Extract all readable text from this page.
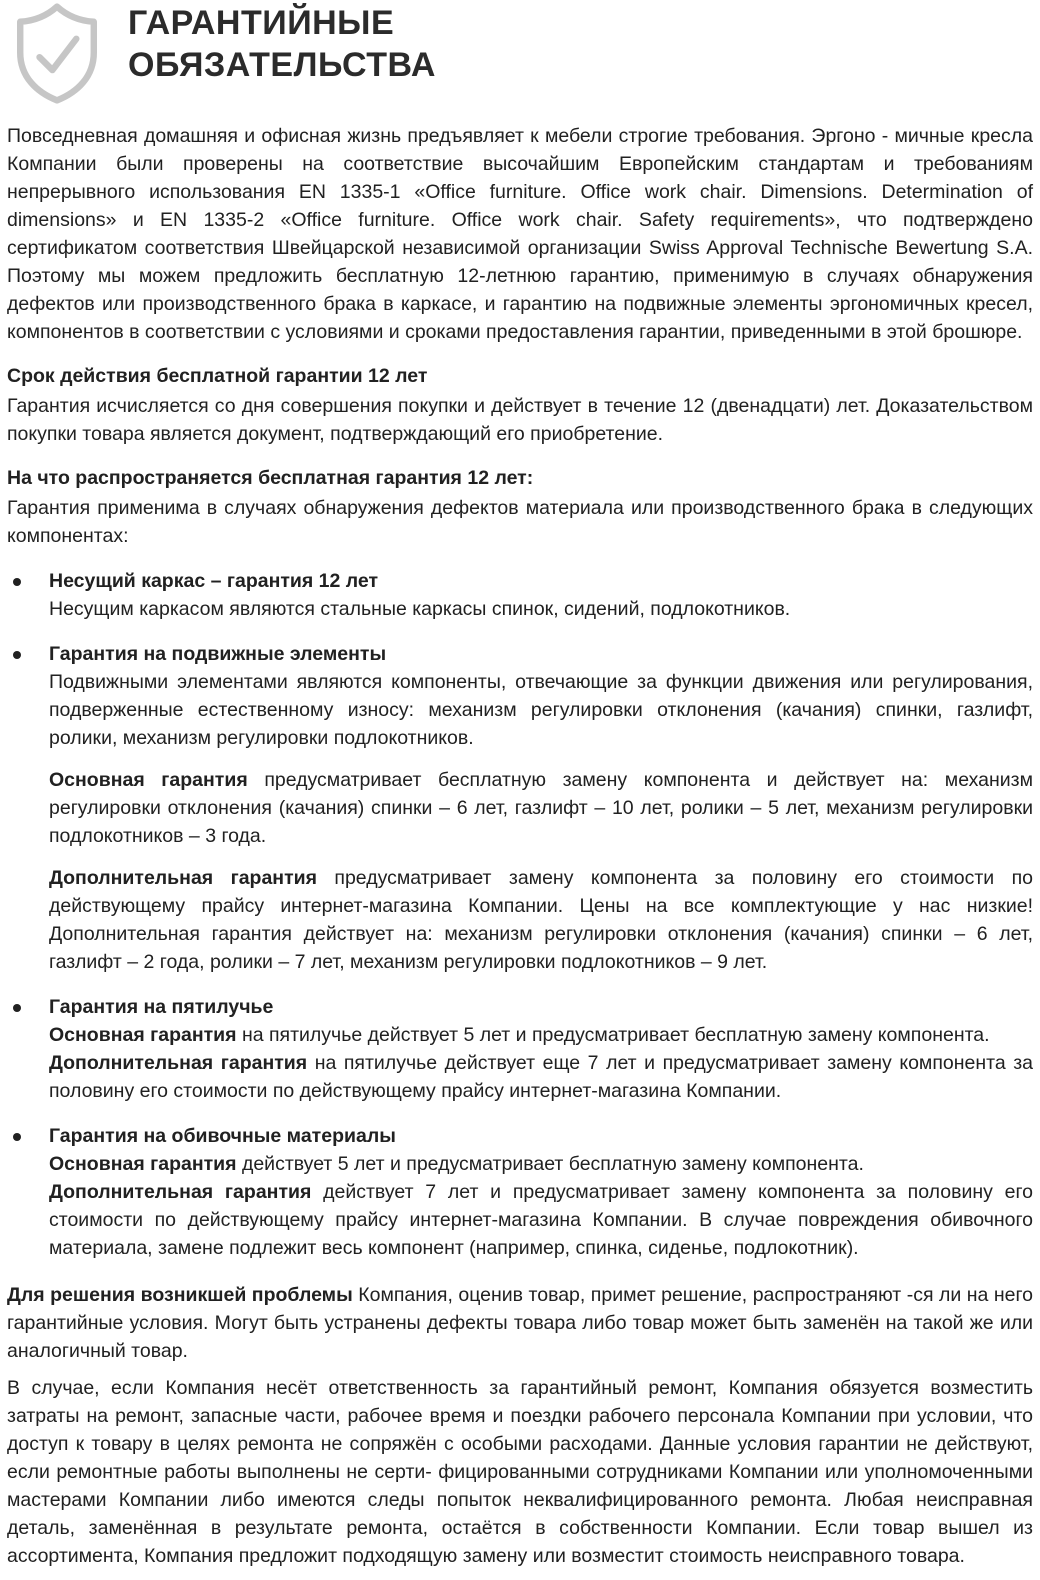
ГАРАНТИЙНЫЕ
ОБЯЗАТЕЛЬСТВА

Повседневная домашняя и офисная жизнь предъявляет к мебели строгие требования. Эргоно - мичные кресла Компании были проверены на соответствие высочайшим Европейским стандартам и требованиям непрерывного использования EN 1335-1 «Office furniture. Office work chair. Dimensions. Determination of dimensions» и EN 1335-2 «Office furniture. Office work chair. Safety requirements», что подтверждено сертификатом соответствия Швейцарской независимой организации Swiss Approval Technische Bewertung S.A. Поэтому мы можем предложить бесплатную 12-летнюю гарантию, применимую в случаях обнаружения дефектов или производственного брака в каркасе, и гарантию на подвижные элементы эргономичных кресел, компонентов в соответствии с условиями и сроками предоставления гарантии, приведенными в этой брошюре.

Срок действия бесплатной гарантии 12 лет

Гарантия исчисляется со дня совершения покупки и действует в течение 12 (двенадцати) лет. Доказательством покупки товара является документ, подтверждающий его приобретение.

На что распространяется бесплатная гарантия 12 лет:

Гарантия применима в случаях обнаружения дефектов материала или производственного брака в следующих компонентах:

Несущий каркас – гарантия 12 лет

Несущим каркасом являются стальные каркасы спинок, сидений, подлокотников.

Гарантия на подвижные элементы

Подвижными элементами являются компоненты, отвечающие за функции движения или регулирования, подверженные естественному износу: механизм регулировки отклонения (качания) спинки, газлифт, ролики, механизм регулировки подлокотников.

Основная гарантия предусматривает бесплатную замену компонента и действует на: механизм регулировки отклонения (качания) спинки – 6 лет, газлифт – 10 лет, ролики – 5 лет, механизм регулировки подлокотников – 3 года.

Дополнительная гарантия предусматривает замену компонента за половину его стоимости по действующему прайсу интернет-магазина Компании. Цены на все комплектующие у нас низкие! Дополнительная гарантия действует на: механизм регулировки отклонения (качания) спинки – 6 лет, газлифт – 2 года, ролики – 7 лет, механизм регулировки подлокотников – 9 лет.

Гарантия на пятилучье

Основная гарантия на пятилучье действует 5 лет и предусматривает бесплатную замену компонента.

Дополнительная гарантия на пятилучье действует еще 7 лет и предусматривает замену компонента за половину его стоимости по действующему прайсу интернет-магазина Компании.

Гарантия на обивочные материалы

Основная гарантия действует 5 лет и предусматривает бесплатную замену компонента.

Дополнительная гарантия действует 7 лет и предусматривает замену компонента за половину его стоимости по действующему прайсу интернет-магазина Компании. В случае повреждения обивочного материала, замене подлежит весь компонент (например, спинка, сиденье, подлокотник).

Для решения возникшей проблемы Компания, оценив товар, примет решение, распространяют -ся ли на него гарантийные условия. Могут быть устранены дефекты товара либо товар может быть заменён на такой же или аналогичный товар.

В случае, если Компания несёт ответственность за гарантийный ремонт, Компания обязуется возместить затраты на ремонт, запасные части, рабочее время и поездки рабочего персонала Компании при условии, что доступ к товару в целях ремонта не сопряжён с особыми расходами. Данные условия гарантии не действуют, если ремонтные работы выполнены не серти- фицированными сотрудниками Компании или уполномоченными мастерами Компании либо имеются следы попыток неквалифицированного ремонта. Любая неисправная деталь, заменённая в результате ремонта, остаётся в собственности Компании. Если товар вышел из ассортимента, Компания предложит подходящую замену или возместит стоимость неисправного товара.
